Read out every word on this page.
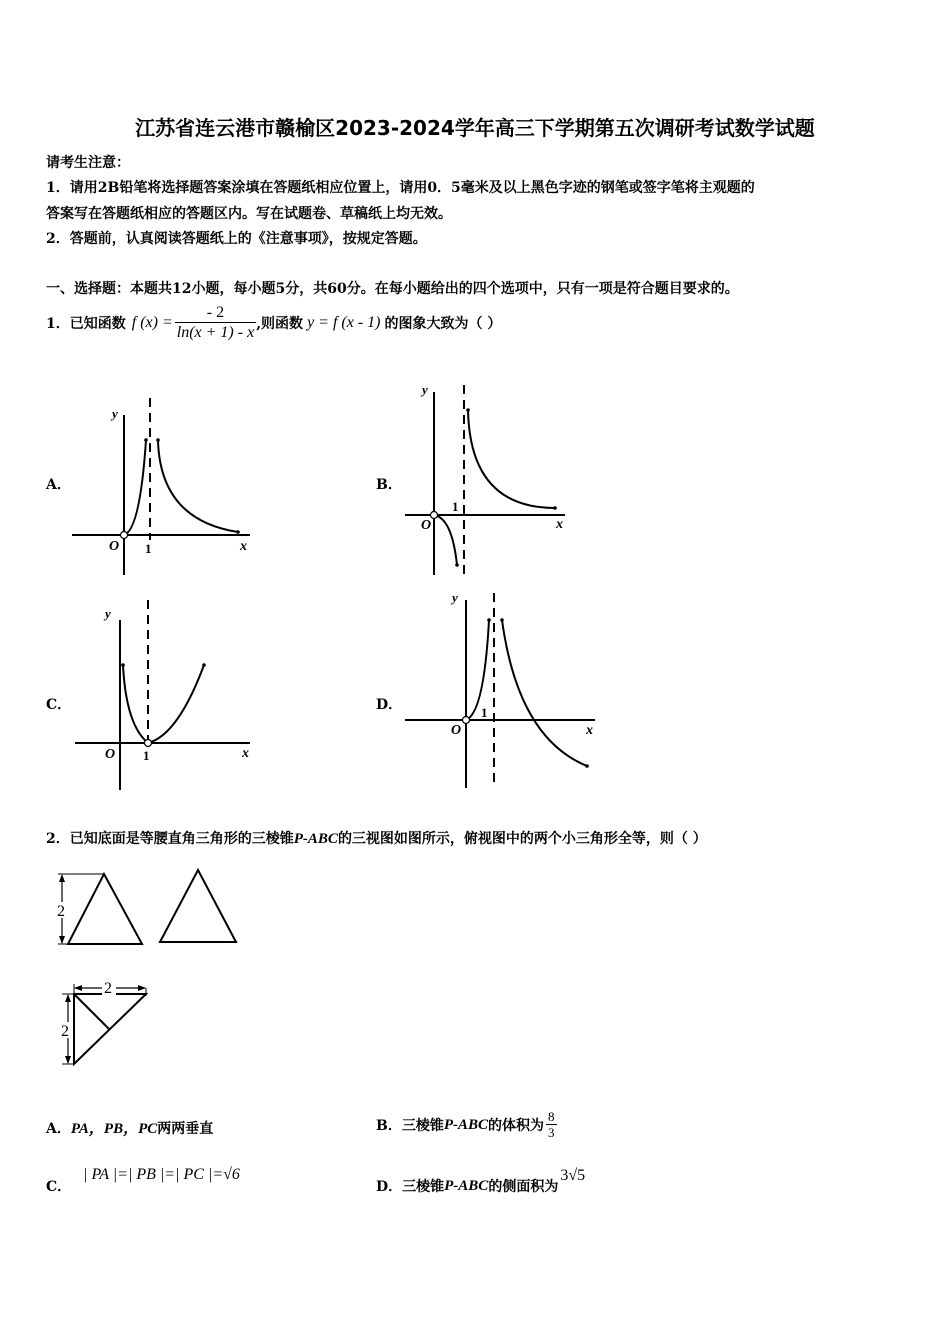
江苏省连云港市赣榆区2023-2024学年高三下学期第五次调研考试数学试题
请考生注意：
1．请用2B铅笔将选择题答案涂填在答题纸相应位置上，请用0．5毫米及以上黑色字迹的钢笔或签字笔将主观题的
答案写在答题纸相应的答题区内。写在试题卷、草稿纸上均无效。
2．答题前，认真阅读答题纸上的《注意事项》，按规定答题。
一、选择题：本题共12小题，每小题5分，共60分。在每小题给出的四个选项中，只有一项是符合题目要求的。
1．已知函数 f $(x) = \frac{- 2}{\ln(x + 1) - x}$ ,则函数 y = f (x - 1) 的图象大致为（ ）
A．	B．
C．	D．
y
x
O 1
y
x
O
1
y
x
O 1
y
x
O
1
2．已知底面是等腰直角三角形的三棱锥P-ABC的三视图如图所示，俯视图中的两个小三角形全等，则（ ）
2
2
2
A．PA，PB，PC两两垂直	B．三棱锥 P-ABC 的体积为 $\frac{8}{3}$
C．
| PA |=| PB |=| PC |=√6
D．三棱锥 P-ABC 的侧面积为
3√5
